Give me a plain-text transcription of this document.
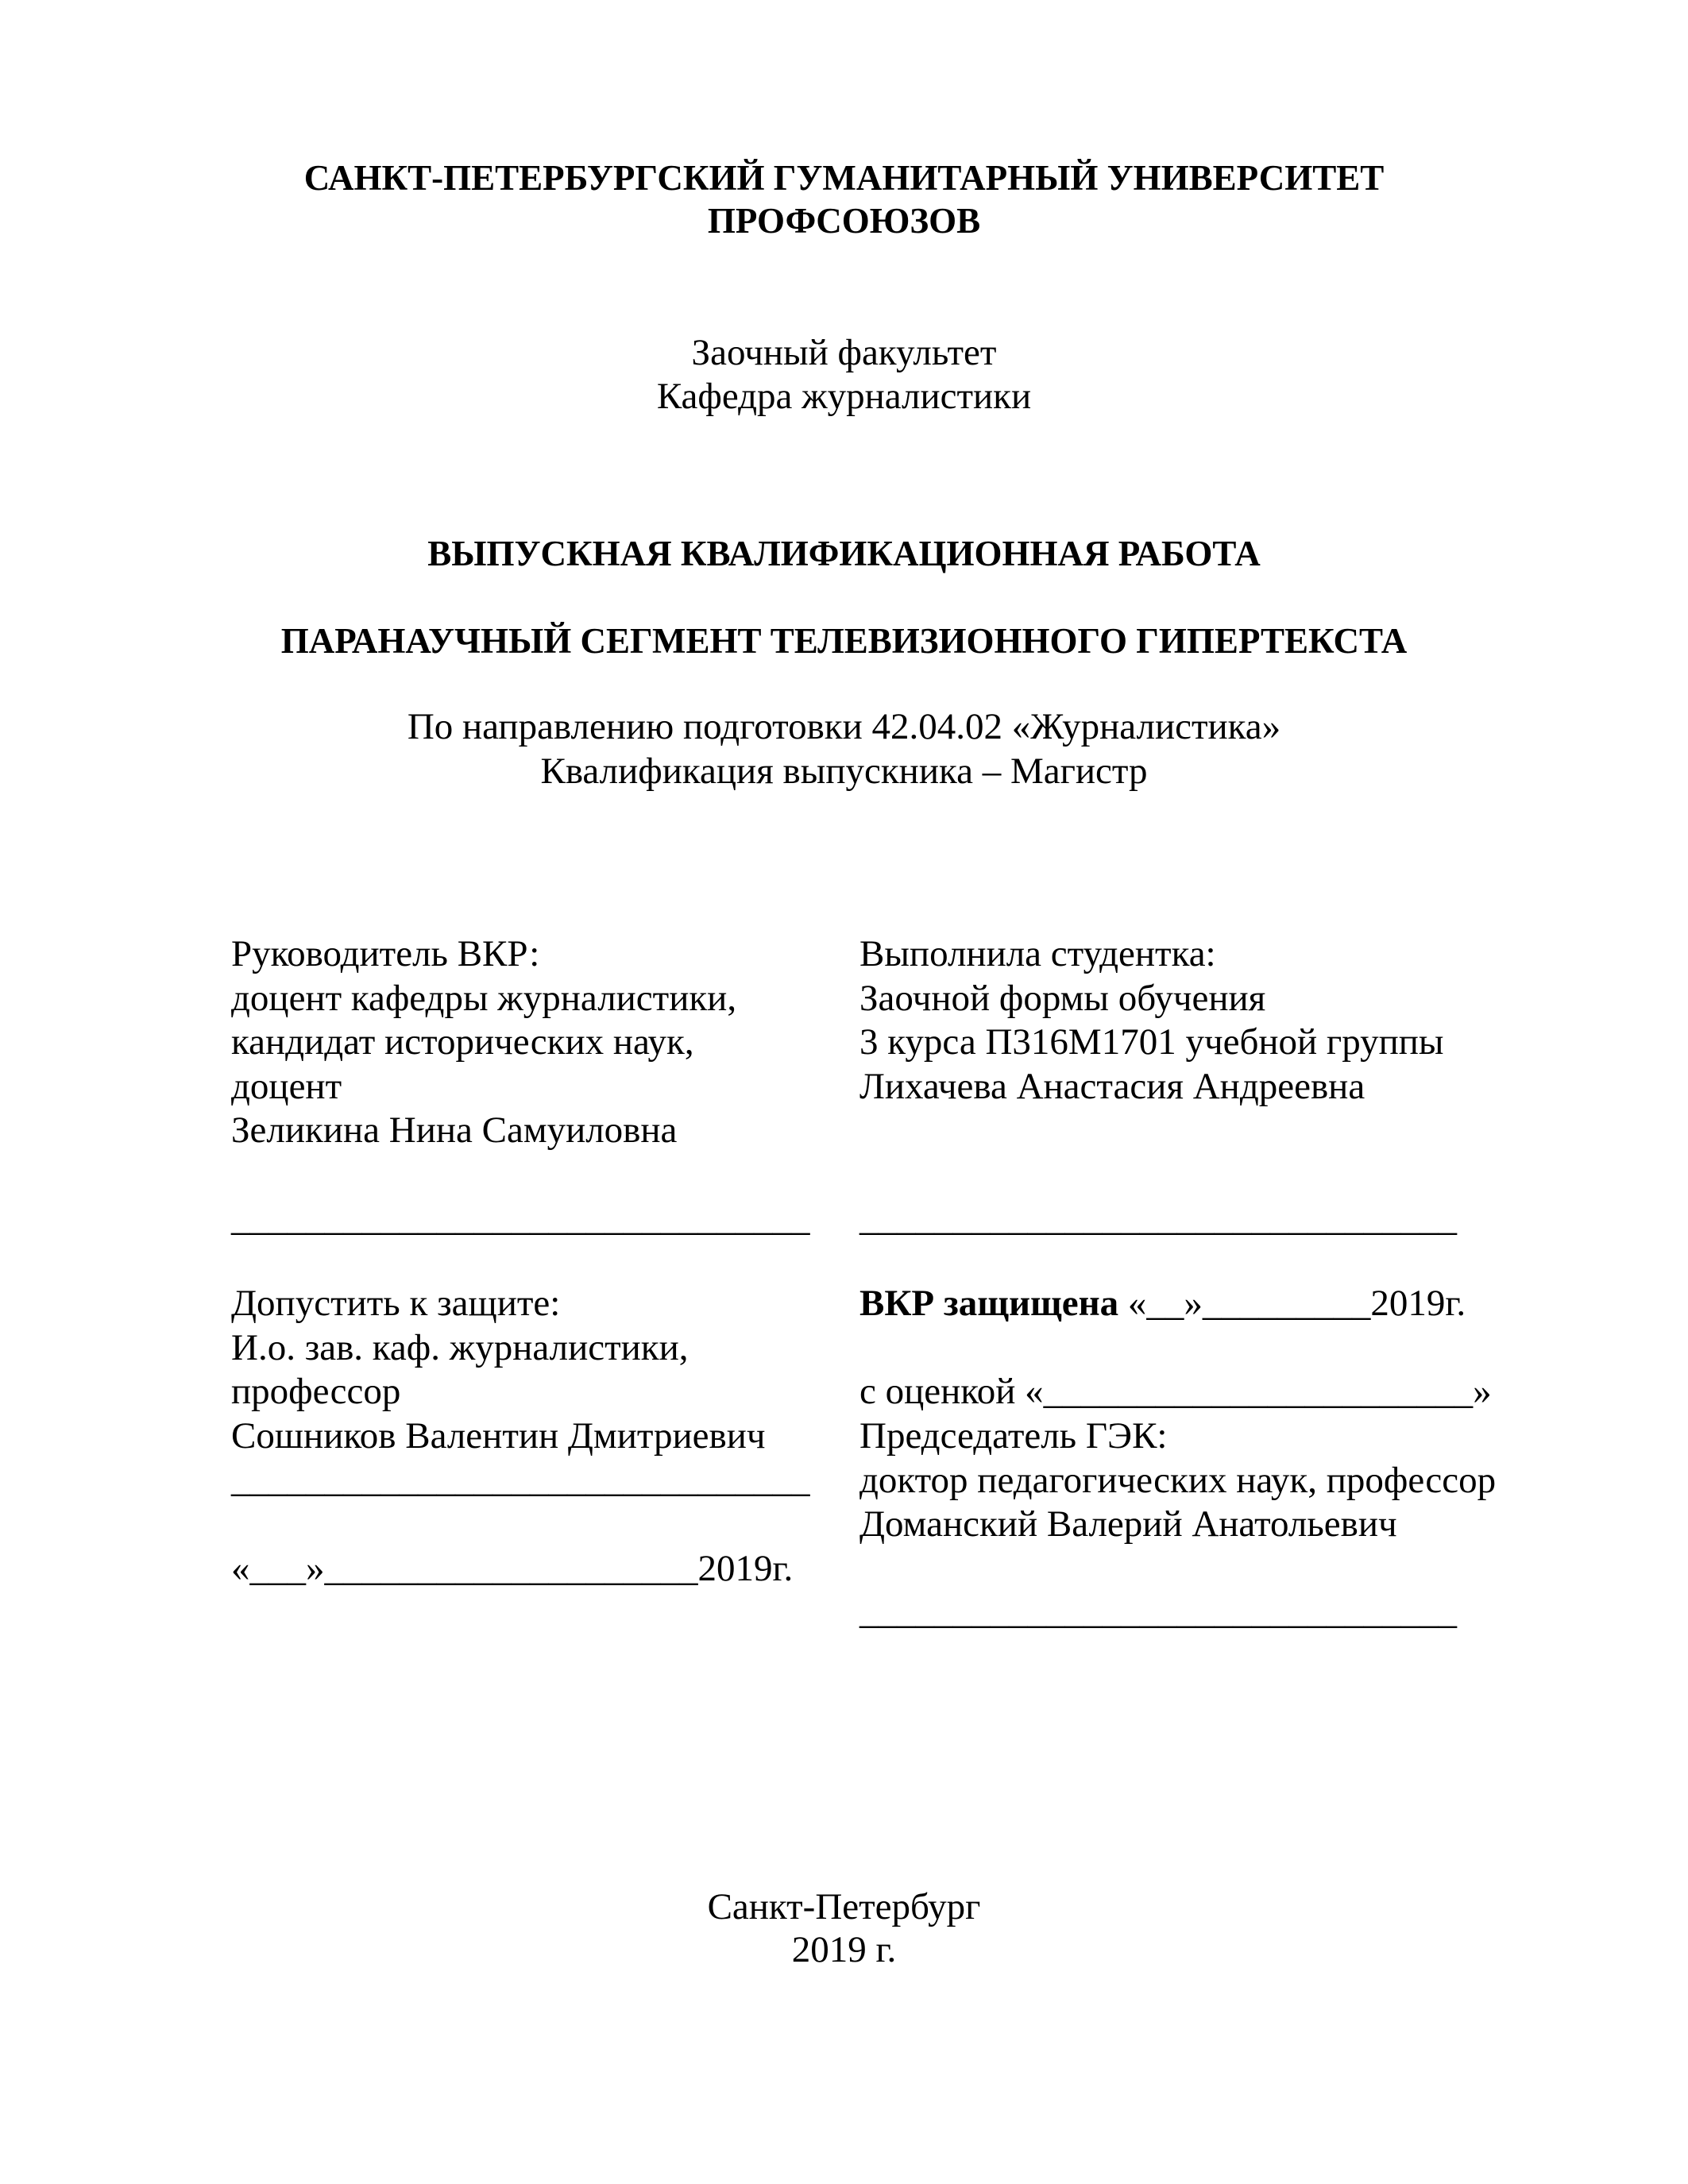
САНКТ-ПЕТЕРБУРГСКИЙ ГУМАНИТАРНЫЙ УНИВЕРСИТЕТ
ПРОФСОЮЗОВ
Заочный факультет
Кафедра журналистики
ВЫПУСКНАЯ КВАЛИФИКАЦИОННАЯ РАБОТА
ПАРАНАУЧНЫЙ СЕГМЕНТ ТЕЛЕВИЗИОННОГО ГИПЕРТЕКСТА
По направлению подготовки 42.04.02 «Журналистика»
Квалификация выпускника – Магистр
Руководитель ВКР:
доцент кафедры журналистики,
кандидат исторических наук,
доцент
Зеликина Нина Самуиловна
_______________________________
Выполнила студентка:
Заочной формы обучения
3 курса П316М1701 учебной группы
Лихачева Анастасия Андреевна
________________________________
Допустить к защите:
И.о. зав. каф. журналистики,
профессор
Сошников Валентин Дмитриевич
_______________________________
«___»____________________2019г.
ВКР защищена «__»_________2019г.
с оценкой «_______________________»
Председатель ГЭК:
доктор педагогических наук, профессор
Доманский Валерий Анатольевич
________________________________
Санкт-Петербург
2019 г.
